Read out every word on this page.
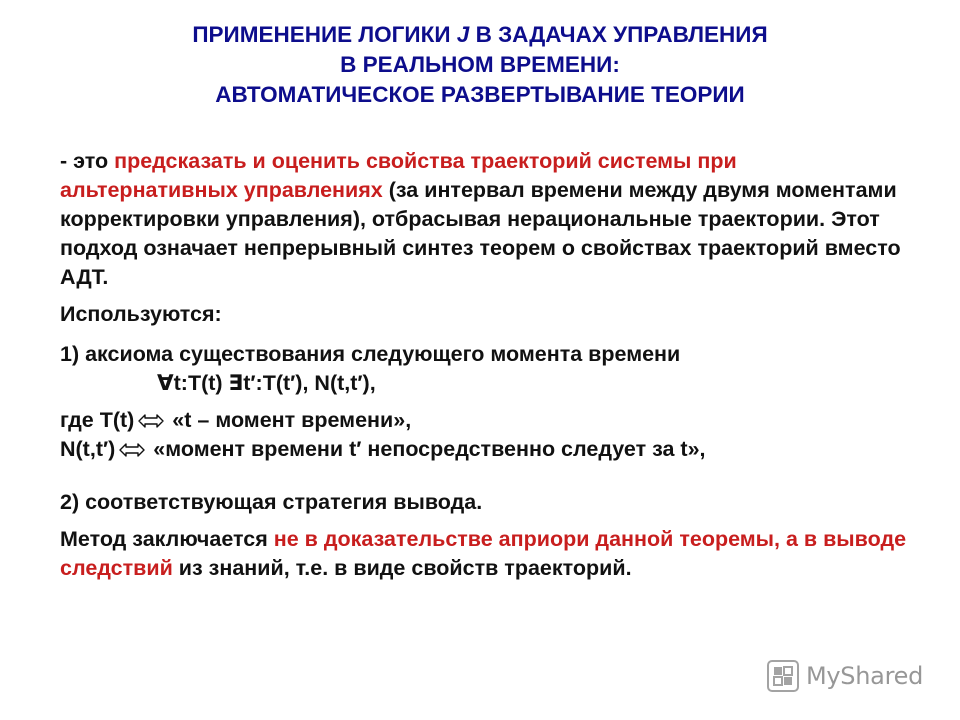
ПРИМЕНЕНИЕ ЛОГИКИ J В ЗАДАЧАХ УПРАВЛЕНИЯ
В РЕАЛЬНОМ ВРЕМЕНИ:
АВТОМАТИЧЕСКОЕ РАЗВЕРТЫВАНИЕ ТЕОРИИ

- это предсказать и оценить свойства траекторий системы при альтернативных управлениях (за интервал времени между двумя моментами корректировки управления), отбрасывая нерациональные траектории. Этот подход означает непрерывный синтез теорем о свойствах траекторий вместо АДТ.

Используются:

1) аксиома существования следующего момента времени

∀t:T(t) ∃t′:T(t′), N(t,t′),

где T(t) «t – момент времени»,

N(t,t′) «момент времени t′ непосредственно следует за t»,

2) соответствующая стратегия вывода.

Метод заключается не в доказательстве априори данной теоремы, а в выводе следствий из знаний, т.е. в виде свойств траекторий.

MyShared
